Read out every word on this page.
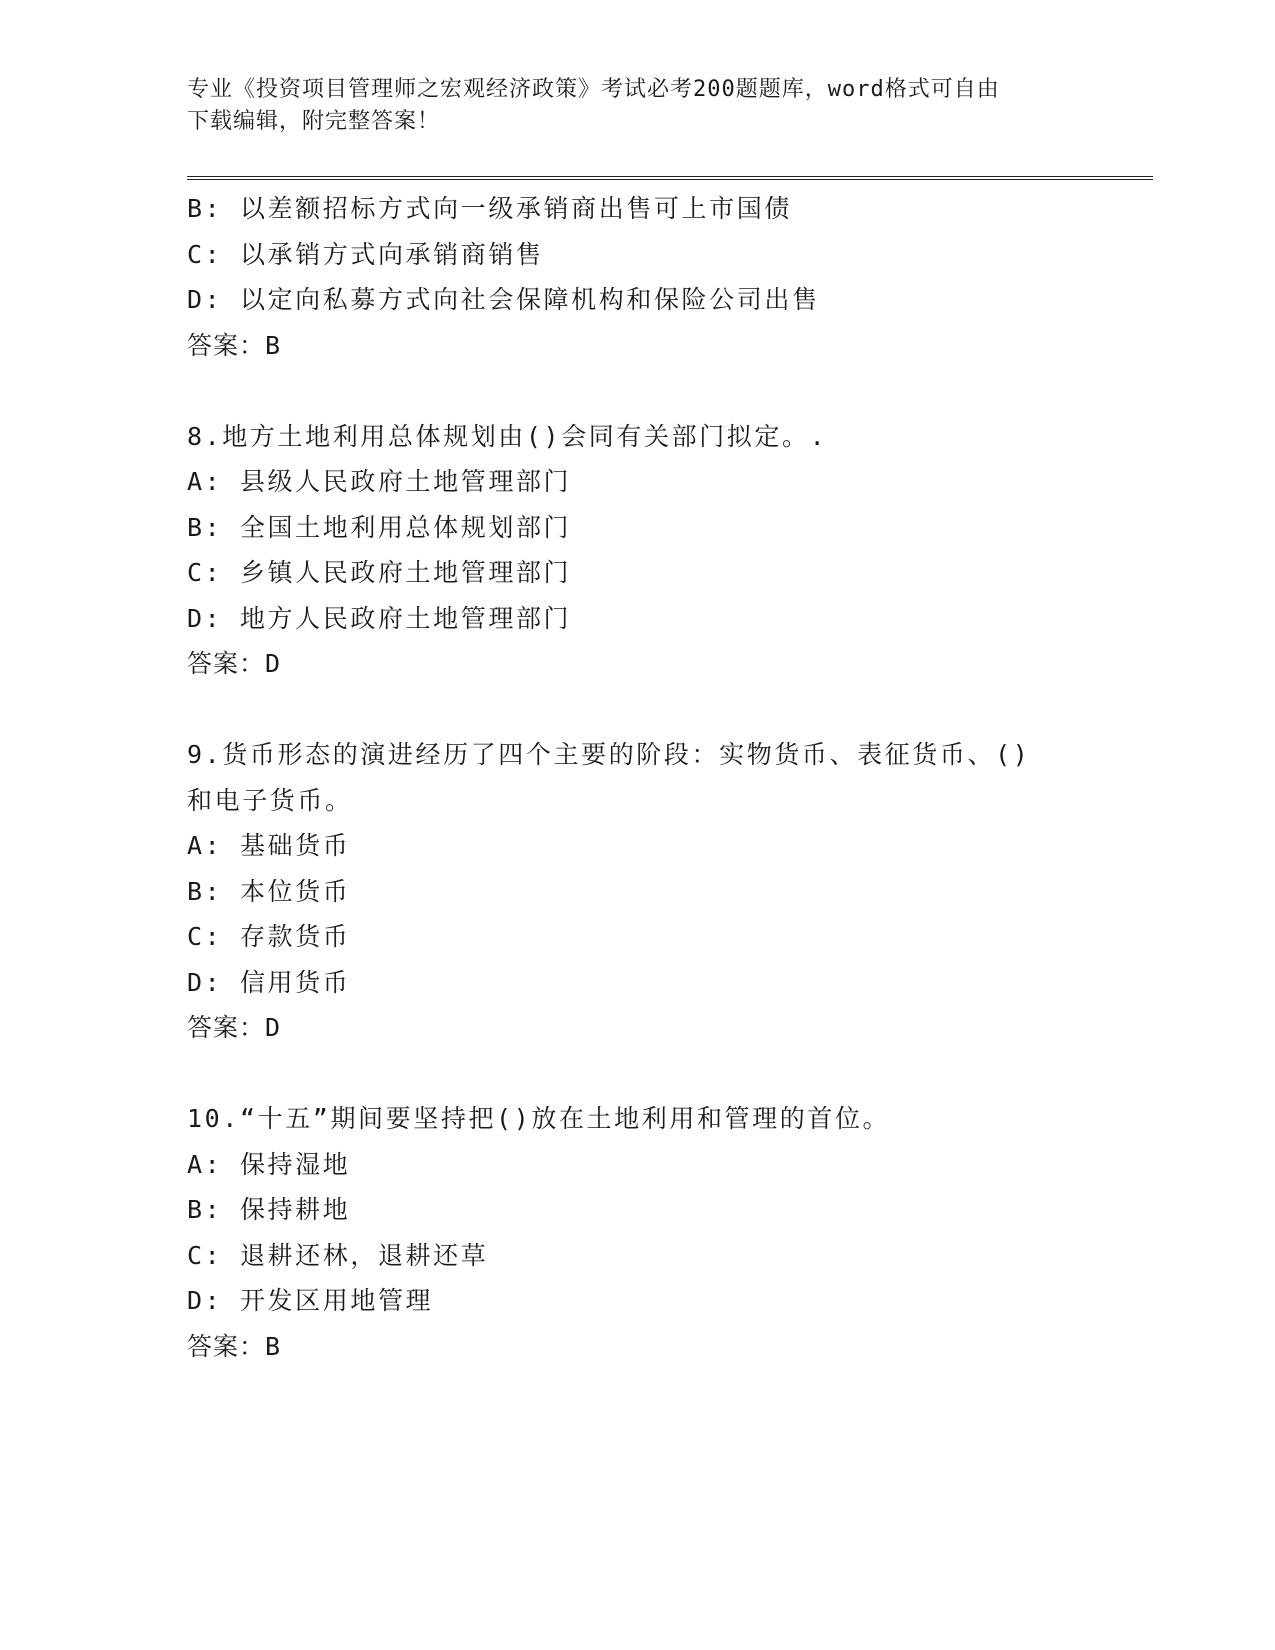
专业《投资项目管理师之宏观经济政策》考试必考200题题库，word格式可自由
下载编辑，附完整答案！
B: 以差额招标方式向一级承销商出售可上市国债
C: 以承销方式向承销商销售
D: 以定向私募方式向社会保障机构和保险公司出售
答案：B
8.地方土地利用总体规划由()会同有关部门拟定。.
A: 县级人民政府土地管理部门
B: 全国土地利用总体规划部门
C: 乡镇人民政府土地管理部门
D: 地方人民政府土地管理部门
答案：D
9.货币形态的演进经历了四个主要的阶段：实物货币、表征货币、()
和电子货币。
A: 基础货币
B: 本位货币
C: 存款货币
D: 信用货币
答案：D
10.“十五”期间要坚持把()放在土地利用和管理的首位。
A: 保持湿地
B: 保持耕地
C: 退耕还林，退耕还草
D: 开发区用地管理
答案：B
